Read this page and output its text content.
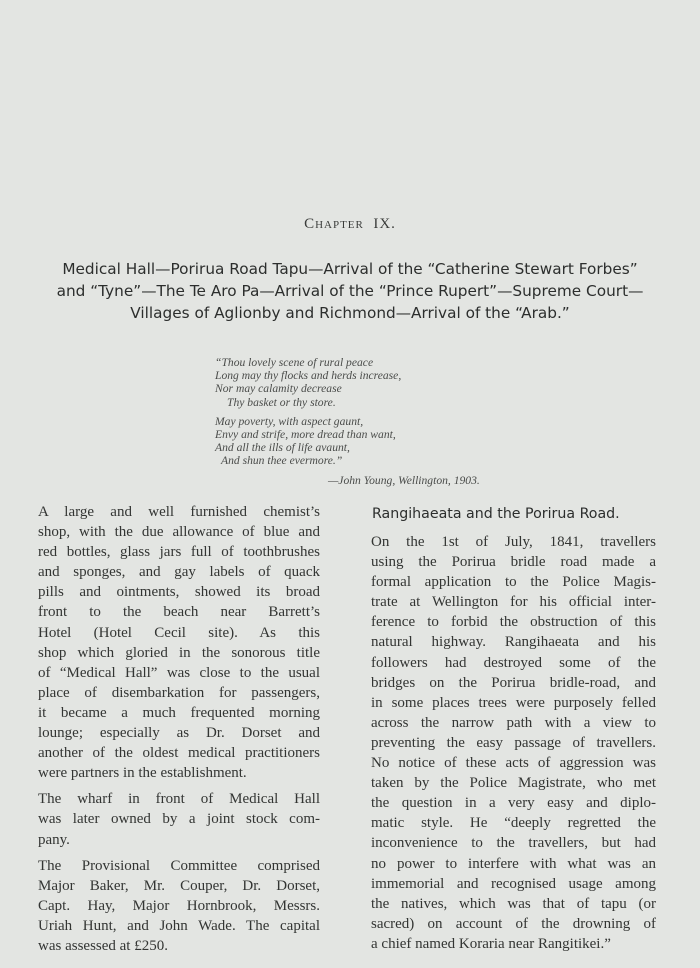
Chapter IX.
Medical Hall—Porirua Road Tapu—Arrival of the “Catherine Stewart Forbes”
and “Tyne”—The Te Aro Pa—Arrival of the “Prince Rupert”—Supreme Court—
Villages of Aglionby and Richmond—Arrival of the “Arab.”
“Thou lovely scene of rural peace
Long may thy flocks and herds increase,
Nor may calamity decrease
Thy basket or thy store.
May poverty, with aspect gaunt,
Envy and strife, more dread than want,
And all the ills of life avaunt,
And shun thee evermore.”
—John Young, Wellington, 1903.

A large and well furnished chemist’s
shop, with the due allowance of blue and
red bottles, glass jars full of toothbrushes
and sponges, and gay labels of quack
pills and ointments, showed its broad
front to the beach near Barrett’s
Hotel (Hotel Cecil site). As this
shop which gloried in the sonorous title
of “Medical Hall” was close to the usual
place of disembarkation for passengers,
it became a much frequented morning
lounge; especially as Dr. Dorset and
another of the oldest medical practitioners
were partners in the establishment.

The wharf in front of Medical Hall
was later owned by a joint stock com-
pany.

The Provisional Committee comprised
Major Baker, Mr. Couper, Dr. Dorset,
Capt. Hay, Major Hornbrook, Messrs.
Uriah Hunt, and John Wade. The capital
was assessed at £250.

Rangihaeata and the Porirua Road.

On the 1st of July, 1841, travellers
using the Porirua bridle road made a
formal application to the Police Magis-
trate at Wellington for his official inter-
ference to forbid the obstruction of this
natural highway. Rangihaeata and his
followers had destroyed some of the
bridges on the Porirua bridle-road, and
in some places trees were purposely felled
across the narrow path with a view to
preventing the easy passage of travellers.
No notice of these acts of aggression was
taken by the Police Magistrate, who met
the question in a very easy and diplo-
matic style. He “deeply regretted the
inconvenience to the travellers, but had
no power to interfere with what was an
immemorial and recognised usage among
the natives, which was that of tapu (or
sacred) on account of the drowning of
a chief named Koraria near Rangitikei.”
